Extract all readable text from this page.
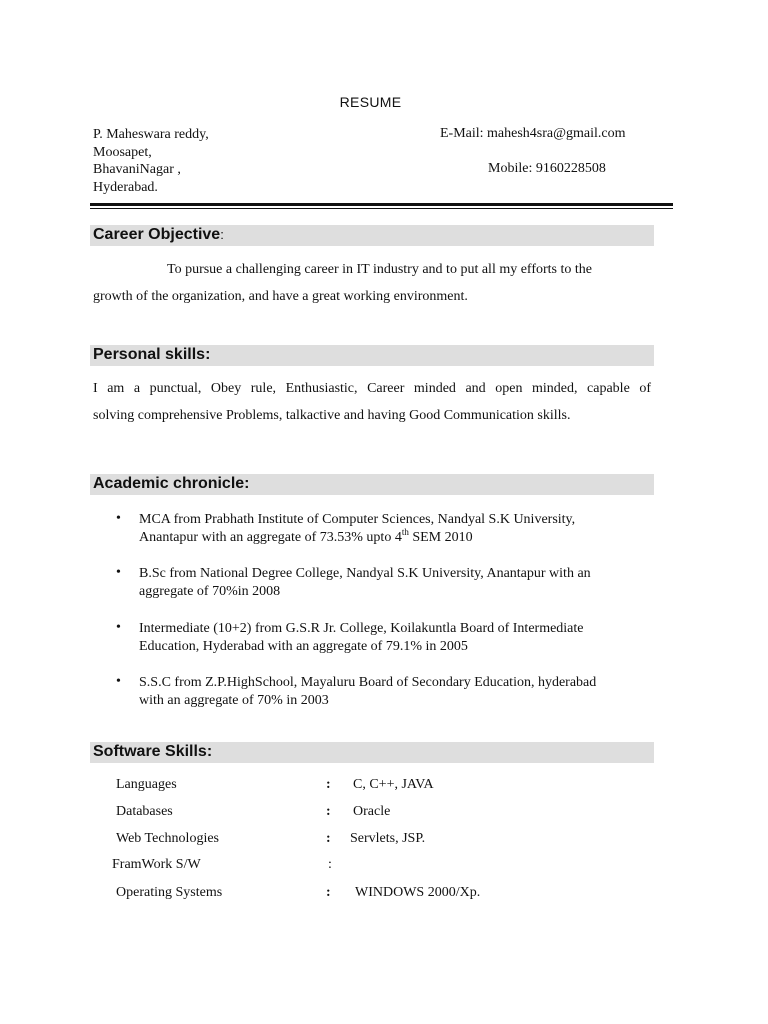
RESUME
P. Maheswara reddy,
Moosapet,
BhavaniNagar ,
Hyderabad.
E-Mail: mahesh4sra@gmail.com
Mobile: 9160228508
Career Objective:
To pursue a challenging career in IT industry and to put all my efforts to the
growth of the organization, and have a great working environment.
Personal skills:
I am a punctual, Obey rule, Enthusiastic, Career minded and open minded, capable of
solving comprehensive Problems, talkactive and having Good Communication skills.
Academic chronicle:
• MCA from Prabhath Institute of Computer Sciences, Nandyal S.K University,
Anantapur with an aggregate of 73.53% upto 4th SEM 2010
• B.Sc from National Degree College, Nandyal S.K University, Anantapur with an
aggregate of 70%in 2008
• Intermediate (10+2) from G.S.R Jr. College, Koilakuntla Board of Intermediate
Education, Hyderabad with an aggregate of 79.1% in 2005
• S.S.C from Z.P.HighSchool, Mayaluru Board of Secondary Education, hyderabad
with an aggregate of 70% in 2003
Software Skills:
Languages	: C, C++, JAVA
Databases	: Oracle
Web Technologies	: Servlets, JSP.
FramWork S/W	:
Operating Systems	: WINDOWS 2000/Xp.
